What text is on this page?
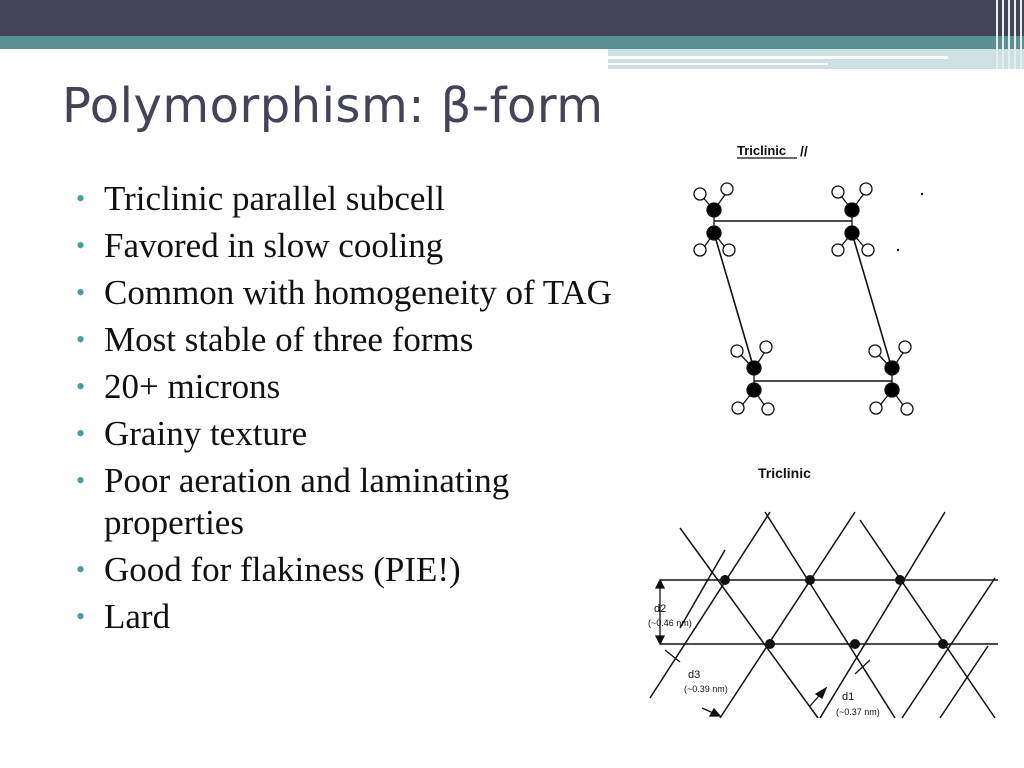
Polymorphism: β-form
• Triclinic parallel subcell
• Favored in slow cooling
• Common with homogeneity of TAG
• Most stable of three forms
• 20+ microns
• Grainy texture
• Poor aeration and laminating properties
• Good for flakiness (PIE!)
• Lard
Triclinic //
Triclinic
d2
(~0.46 nm)
d3
(~0.39 nm)
d1
(~0.37 nm)
